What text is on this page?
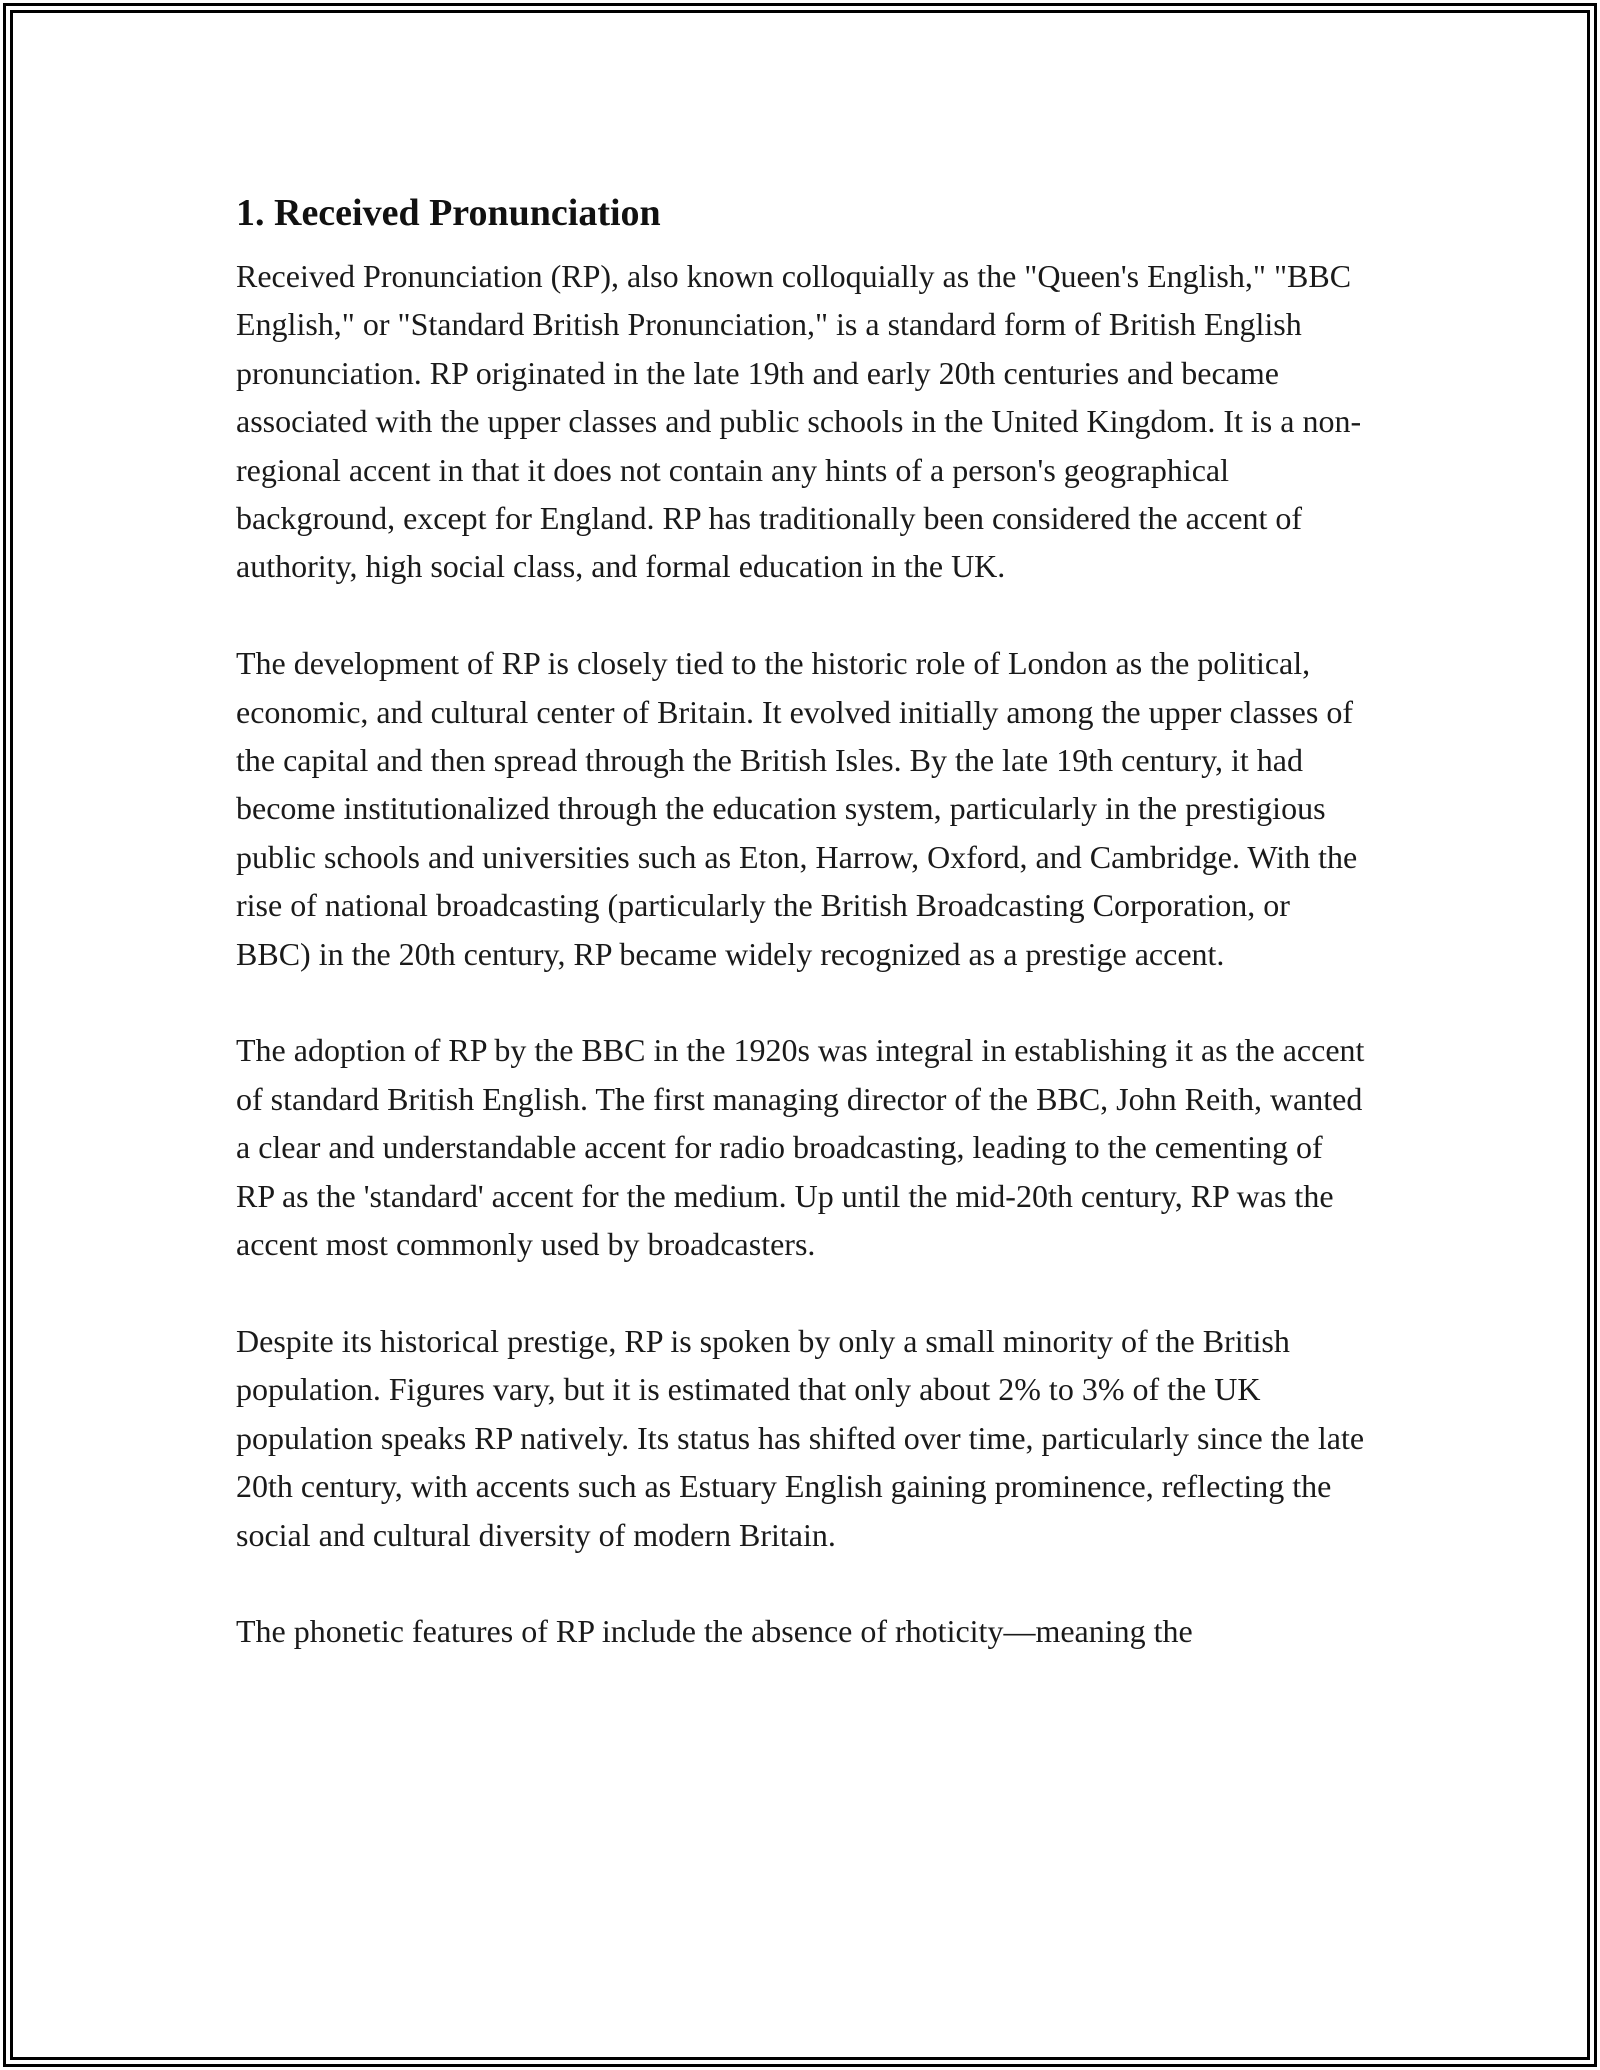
1. Received Pronunciation

Received Pronunciation (RP), also known colloquially as the "Queen's English," "BBC English," or "Standard British Pronunciation," is a standard form of British English pronunciation. RP originated in the late 19th and early 20th centuries and became associated with the upper classes and public schools in the United Kingdom. It is a non-regional accent in that it does not contain any hints of a person's geographical background, except for England. RP has traditionally been considered the accent of authority, high social class, and formal education in the UK.

The development of RP is closely tied to the historic role of London as the political, economic, and cultural center of Britain. It evolved initially among the upper classes of the capital and then spread through the British Isles. By the late 19th century, it had become institutionalized through the education system, particularly in the prestigious public schools and universities such as Eton, Harrow, Oxford, and Cambridge. With the rise of national broadcasting (particularly the British Broadcasting Corporation, or BBC) in the 20th century, RP became widely recognized as a prestige accent.

The adoption of RP by the BBC in the 1920s was integral in establishing it as the accent of standard British English. The first managing director of the BBC, John Reith, wanted a clear and understandable accent for radio broadcasting, leading to the cementing of RP as the 'standard' accent for the medium. Up until the mid-20th century, RP was the accent most commonly used by broadcasters.

Despite its historical prestige, RP is spoken by only a small minority of the British population. Figures vary, but it is estimated that only about 2% to 3% of the UK population speaks RP natively. Its status has shifted over time, particularly since the late 20th century, with accents such as Estuary English gaining prominence, reflecting the social and cultural diversity of modern Britain.

The phonetic features of RP include the absence of rhoticity—meaning the
